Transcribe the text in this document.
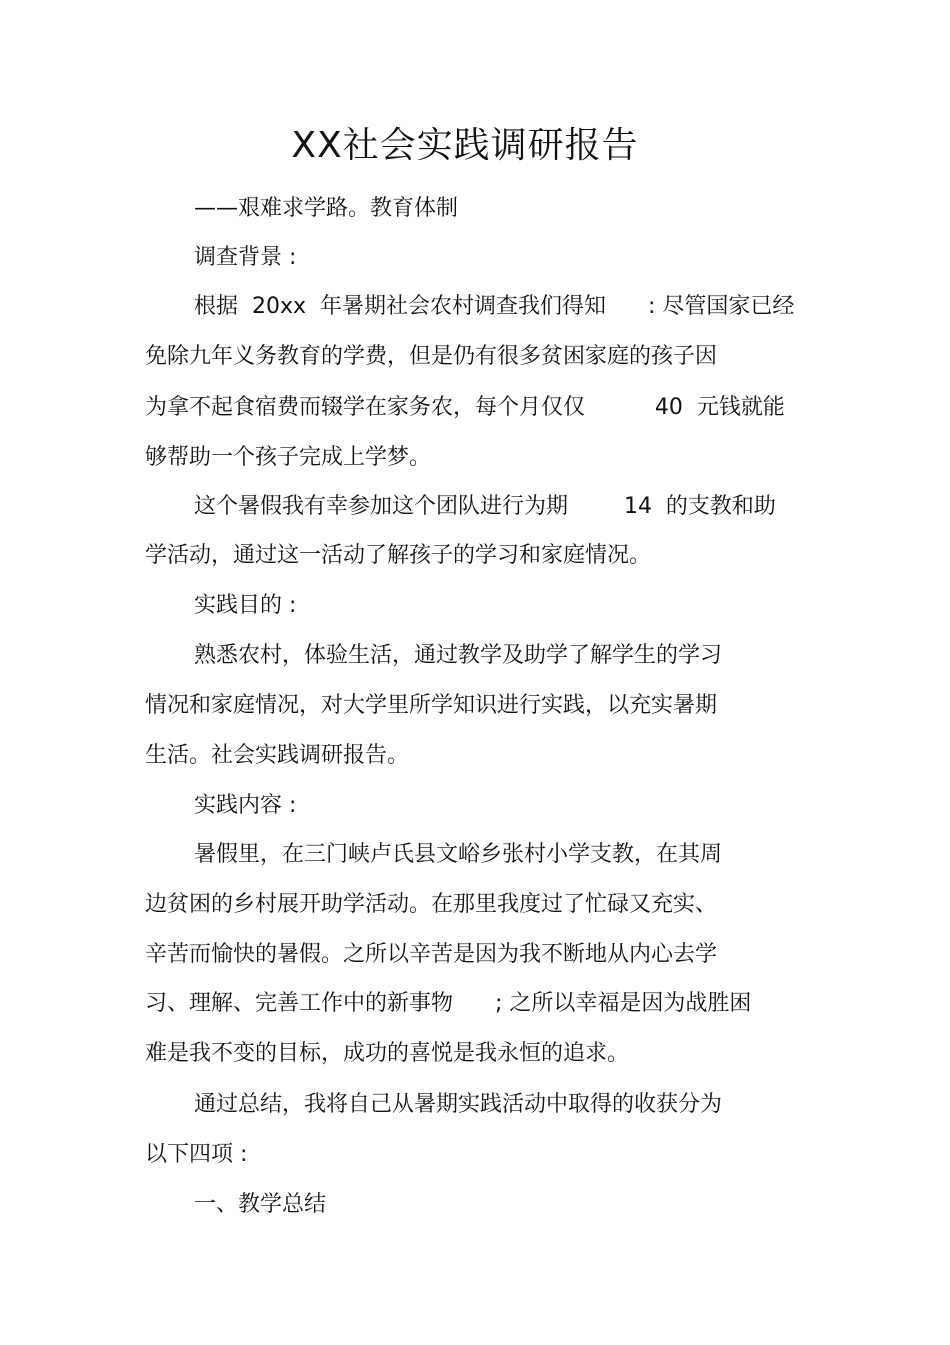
XX社会实践调研报告

——艰难求学路。教育体制

调查背景 :

根据  20xx  年暑期社会农村调查我们得知      : 尽管国家已经

免除九年义务教育的学费，但是仍有很多贫困家庭的孩子因

为拿不起食宿费而辍学在家务农，每个月仅仅          40  元钱就能

够帮助一个孩子完成上学梦。

这个暑假我有幸参加这个团队进行为期        14  的支教和助

学活动，通过这一活动了解孩子的学习和家庭情况。

实践目的 :

熟悉农村，体验生活，通过教学及助学了解学生的学习

情况和家庭情况，对大学里所学知识进行实践，以充实暑期

生活。社会实践调研报告。

实践内容 :

暑假里，在三门峡卢氏县文峪乡张村小学支教，在其周

边贫困的乡村展开助学活动。在那里我度过了忙碌又充实、

辛苦而愉快的暑假。之所以辛苦是因为我不断地从内心去学

习、理解、完善工作中的新事物      ; 之所以幸福是因为战胜困

难是我不变的目标，成功的喜悦是我永恒的追求。

通过总结，我将自己从暑期实践活动中取得的收获分为

以下四项 :

一、教学总结
